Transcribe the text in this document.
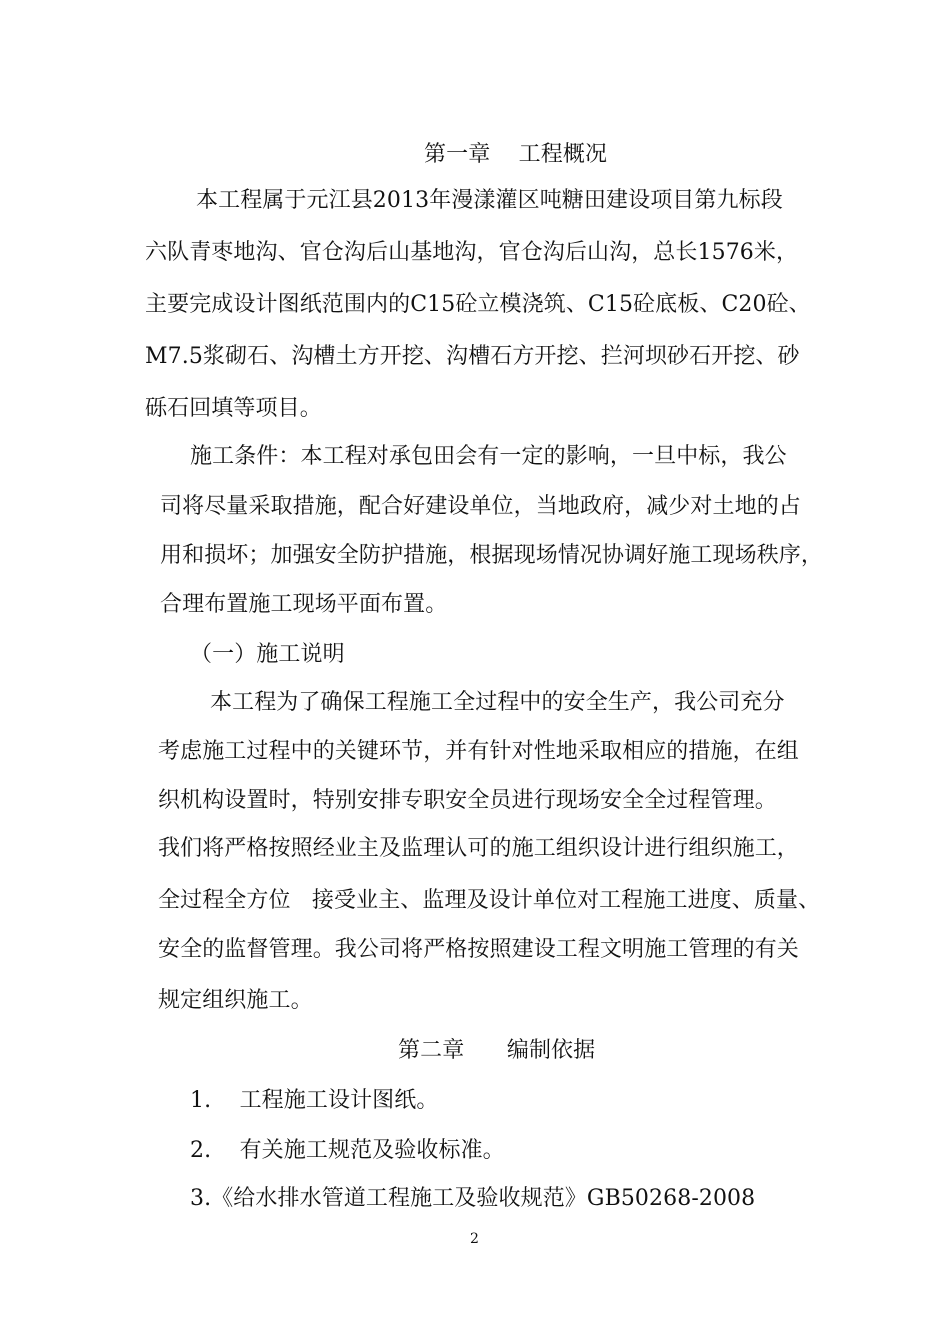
第一章    工程概况
本工程属于元江县2013年漫漾灌区吨糖田建设项目第九标段
六队青枣地沟、官仓沟后山基地沟，官仓沟后山沟，总长1576米，
主要完成设计图纸范围内的C15砼立模浇筑、C15砼底板、C20砼、
M7.5浆砌石、沟槽土方开挖、沟槽石方开挖、拦河坝砂石开挖、砂
砾石回填等项目。
施工条件：本工程对承包田会有一定的影响，一旦中标，我公
司将尽量采取措施，配合好建设单位，当地政府，减少对土地的占
用和损坏；加强安全防护措施，根据现场情况协调好施工现场秩序，
合理布置施工现场平面布置。
（一）施工说明
本工程为了确保工程施工全过程中的安全生产，我公司充分
考虑施工过程中的关键环节，并有针对性地采取相应的措施，在组
织机构设置时，特别安排专职安全员进行现场安全全过程管理。
我们将严格按照经业主及监理认可的施工组织设计进行组织施工，
全过程全方位   接受业主、监理及设计单位对工程施工进度、质量、
安全的监督管理。我公司将严格按照建设工程文明施工管理的有关
规定组织施工。
第二章      编制依据
1.    工程施工设计图纸。
2.    有关施工规范及验收标准。
3.《给水排水管道工程施工及验收规范》GB50268-2008
2
